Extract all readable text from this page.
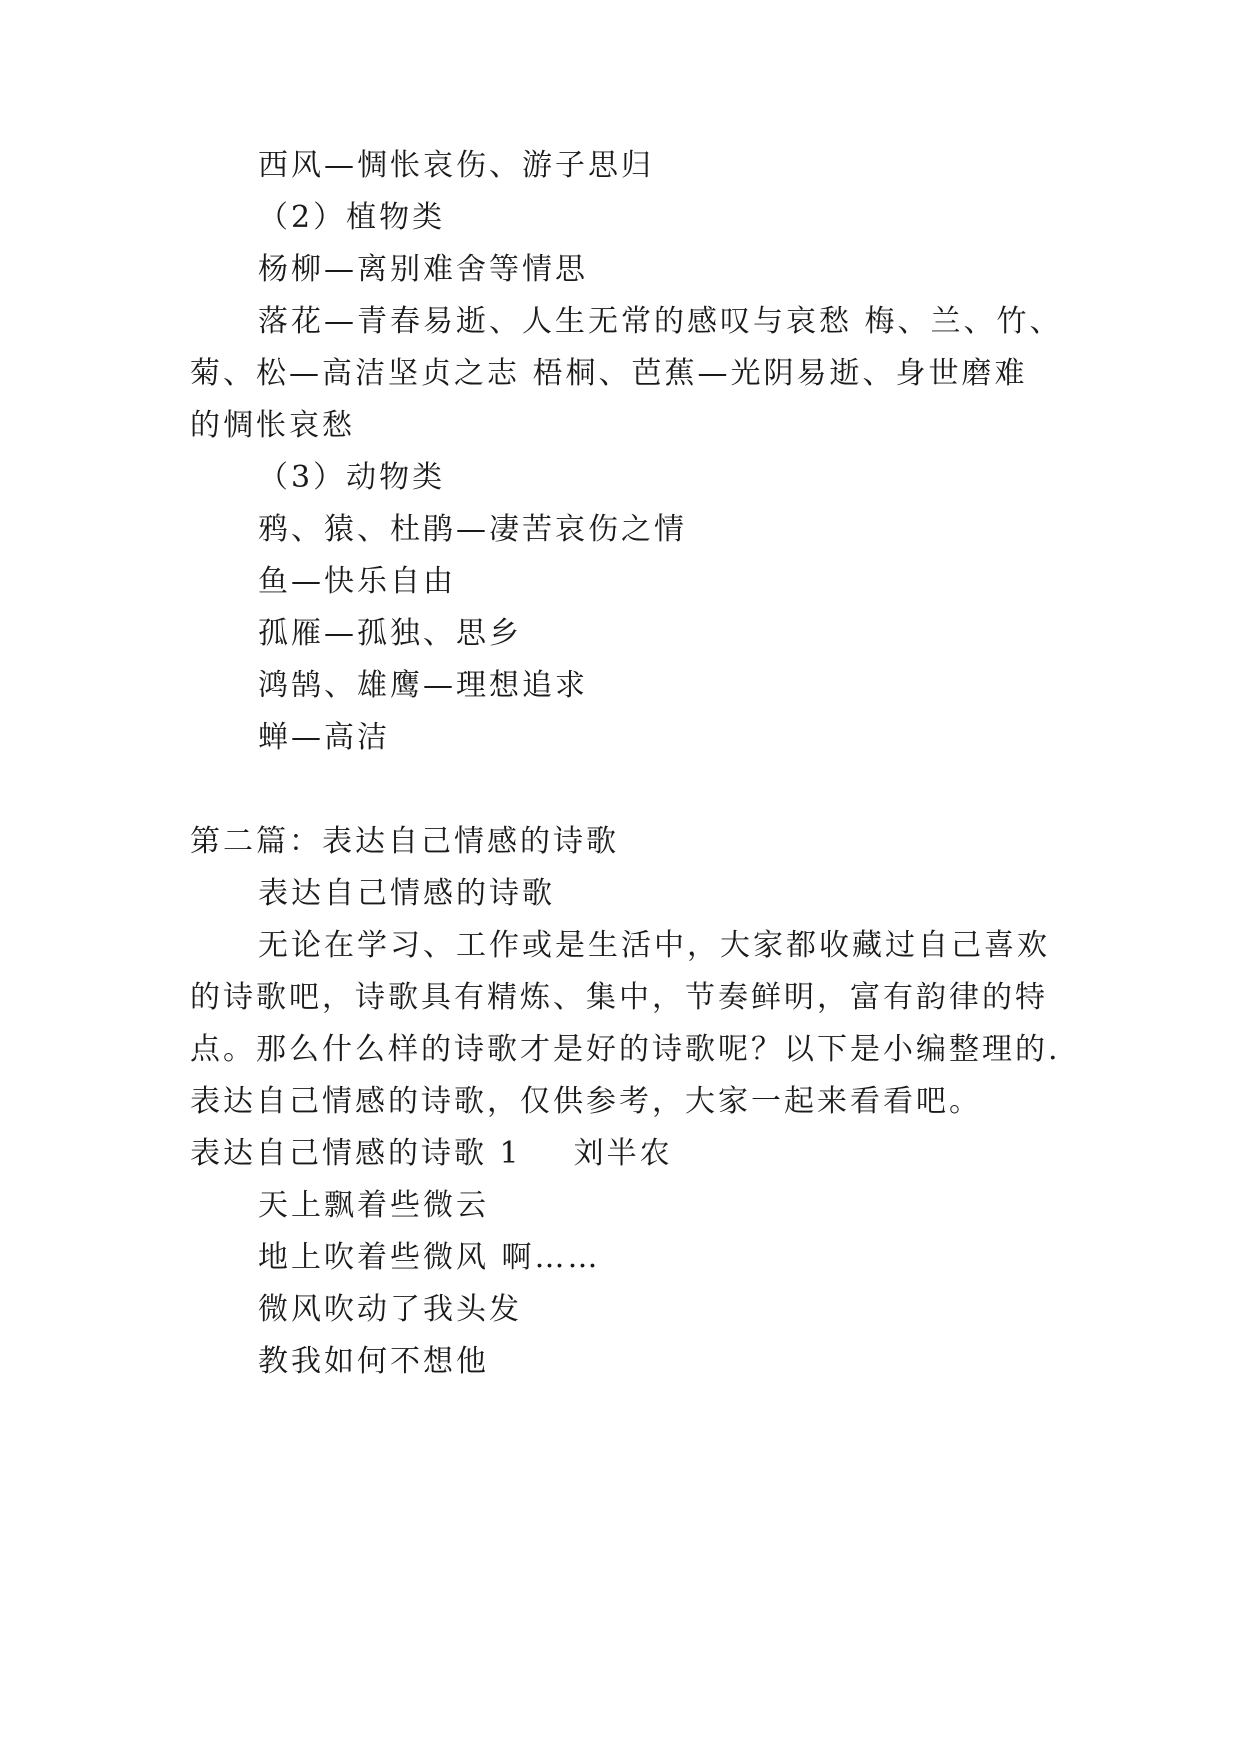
西风—惆怅哀伤、游子思归
（2）植物类
杨柳—离别难舍等情思
落花—青春易逝、人生无常的感叹与哀愁 梅、兰、竹、
菊、松—高洁坚贞之志 梧桐、芭蕉—光阴易逝、身世磨难
的惆怅哀愁
（3）动物类
鸦、猿、杜鹃—凄苦哀伤之情
鱼—快乐自由
孤雁—孤独、思乡
鸿鹄、雄鹰—理想追求
蝉—高洁
第二篇：表达自己情感的诗歌
表达自己情感的诗歌
无论在学习、工作或是生活中，大家都收藏过自己喜欢
的诗歌吧，诗歌具有精炼、集中，节奏鲜明，富有韵律的特
点。那么什么样的诗歌才是好的诗歌呢？以下是小编整理的.
表达自己情感的诗歌，仅供参考，大家一起来看看吧。
表达自己情感的诗歌 1 刘半农
天上飘着些微云
地上吹着些微风 啊……
微风吹动了我头发
教我如何不想他
